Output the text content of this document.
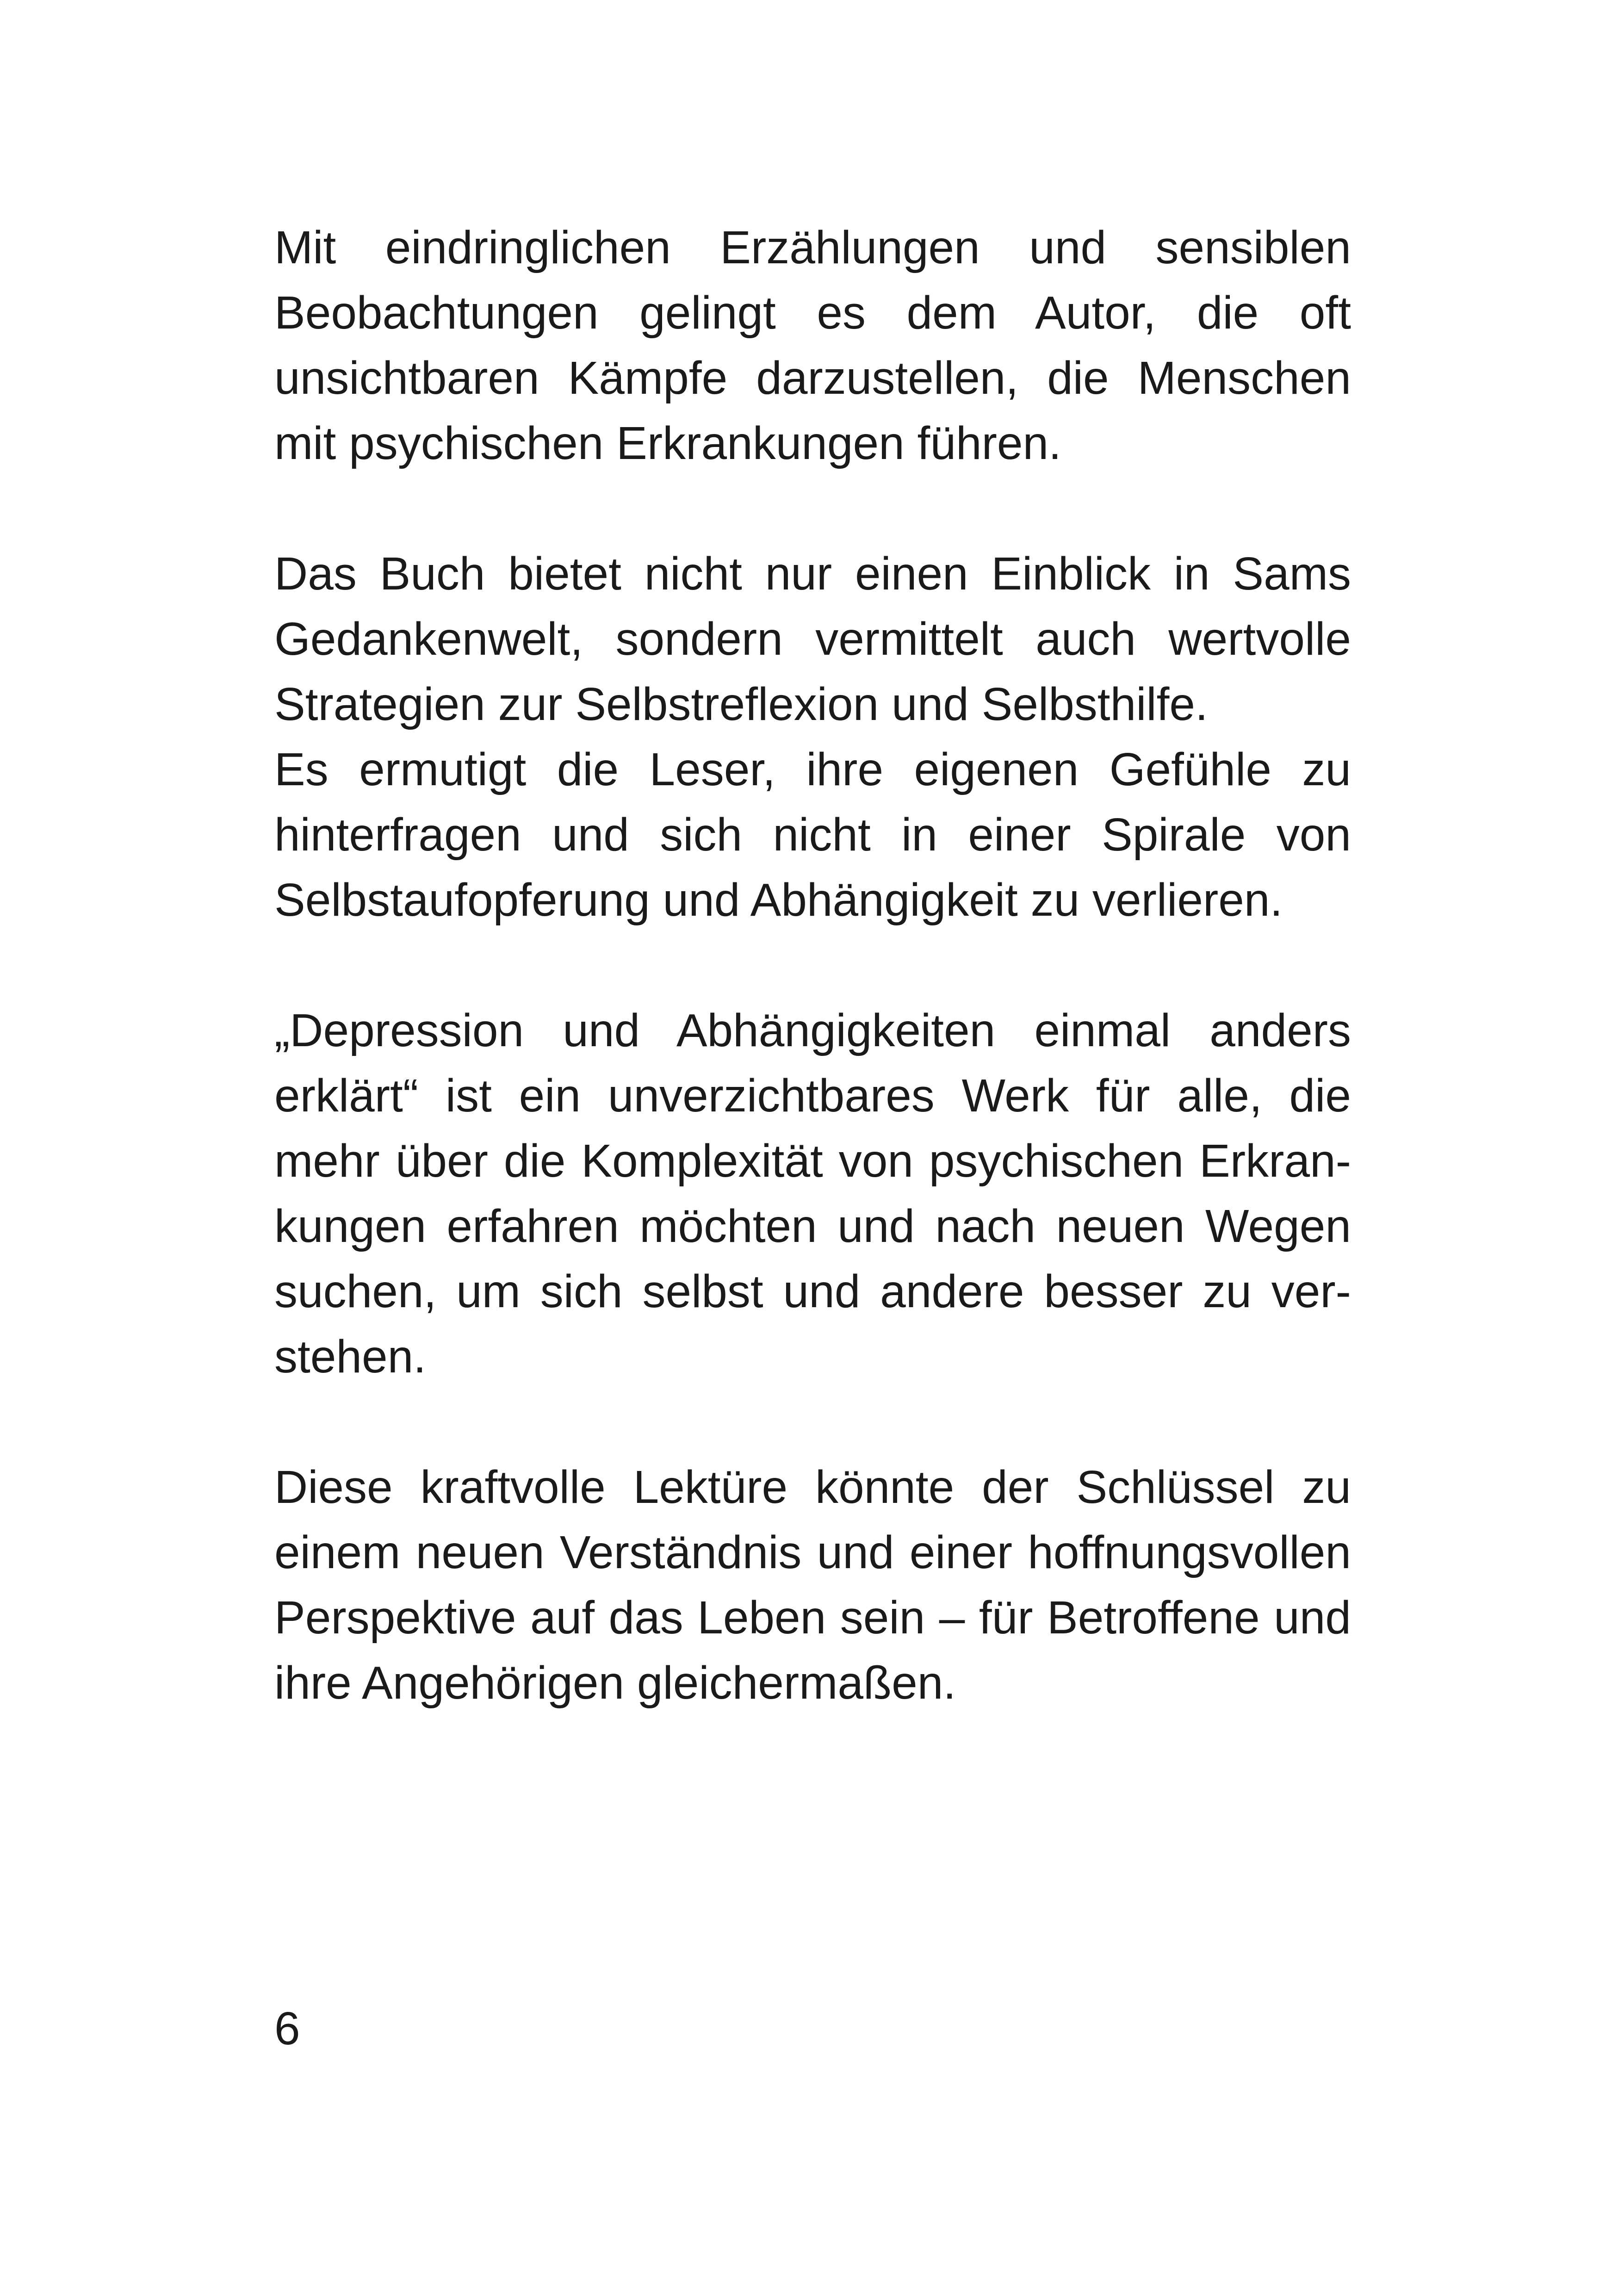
Mit eindringlichen Erzählungen und sensiblen
Beobachtungen gelingt es dem Autor, die oft
unsichtbaren Kämpfe darzustellen, die Menschen
mit psychischen Erkrankungen führen.
Das Buch bietet nicht nur einen Einblick in Sams
Gedankenwelt, sondern vermittelt auch wertvolle
Strategien zur Selbstreflexion und Selbsthilfe.
Es ermutigt die Leser, ihre eigenen Gefühle zu
hinterfragen und sich nicht in einer Spirale von
Selbstaufopferung und Abhängigkeit zu verlieren.
„Depression und Abhängigkeiten einmal anders
erklärt“ ist ein unverzichtbares Werk für alle, die
mehr über die Komplexität von psychischen Erkran-
kungen erfahren möchten und nach neuen Wegen
suchen, um sich selbst und andere besser zu ver-
stehen.
Diese kraftvolle Lektüre könnte der Schlüssel zu
einem neuen Verständnis und einer hoffnungsvollen
Perspektive auf das Leben sein – für Betroffene und
ihre Angehörigen gleichermaßen.
6
